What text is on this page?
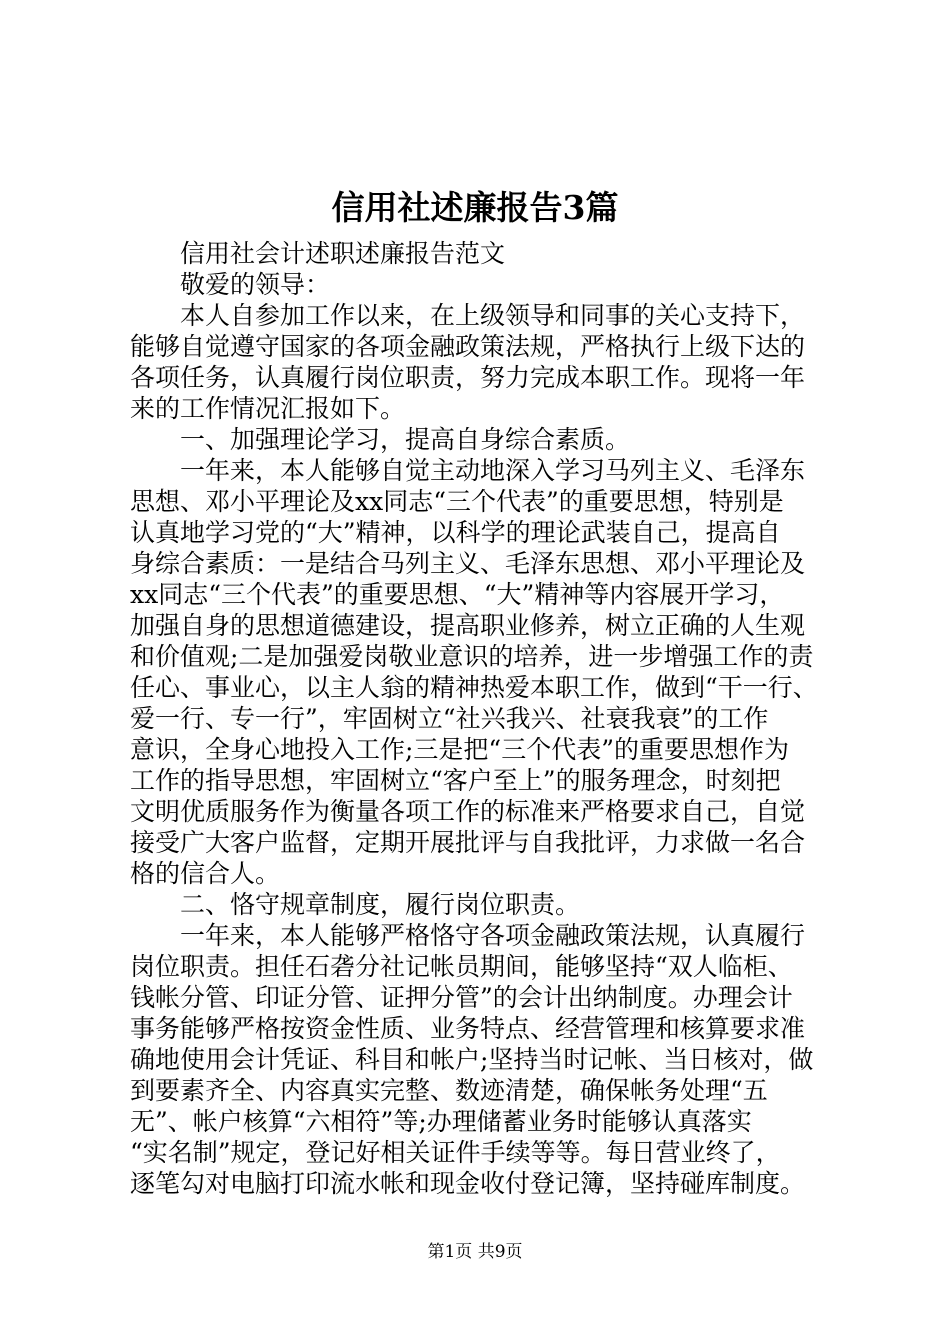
信用社述廉报告3篇

信用社会计述职述廉报告范文

敬爱的领导：

本人自参加工作以来，在上级领导和同事的关心支持下，
能够自觉遵守国家的各项金融政策法规，严格执行上级下达的
各项任务，认真履行岗位职责，努力完成本职工作。现将一年
来的工作情况汇报如下。

一、加强理论学习，提高自身综合素质。

一年来，本人能够自觉主动地深入学习马列主义、毛泽东
思想、邓小平理论及xx同志“三个代表”的重要思想，特别是
认真地学习党的“大”精神，以科学的理论武装自己，提高自
身综合素质：一是结合马列主义、毛泽东思想、邓小平理论及
xx同志“三个代表”的重要思想、“大”精神等内容展开学习，
加强自身的思想道德建设，提高职业修养，树立正确的人生观
和价值观;二是加强爱岗敬业意识的培养，进一步增强工作的责
任心、事业心，以主人翁的精神热爱本职工作，做到“干一行、
爱一行、专一行”，牢固树立“社兴我兴、社衰我衰”的工作
意识，全身心地投入工作;三是把“三个代表”的重要思想作为
工作的指导思想，牢固树立“客户至上”的服务理念，时刻把
文明优质服务作为衡量各项工作的标准来严格要求自己，自觉
接受广大客户监督，定期开展批评与自我批评，力求做一名合
格的信合人。

二、恪守规章制度，履行岗位职责。

一年来，本人能够严格恪守各项金融政策法规，认真履行
岗位职责。担任石砻分社记帐员期间，能够坚持“双人临柜、
钱帐分管、印证分管、证押分管”的会计出纳制度。办理会计
事务能够严格按资金性质、业务特点、经营管理和核算要求准
确地使用会计凭证、科目和帐户;坚持当时记帐、当日核对，做
到要素齐全、内容真实完整、数迹清楚，确保帐务处理“五
无”、帐户核算“六相符”等;办理储蓄业务时能够认真落实
“实名制”规定，登记好相关证件手续等等。每日营业终了，
逐笔勾对电脑打印流水帐和现金收付登记簿，坚持碰库制度。

第1页 共9页
